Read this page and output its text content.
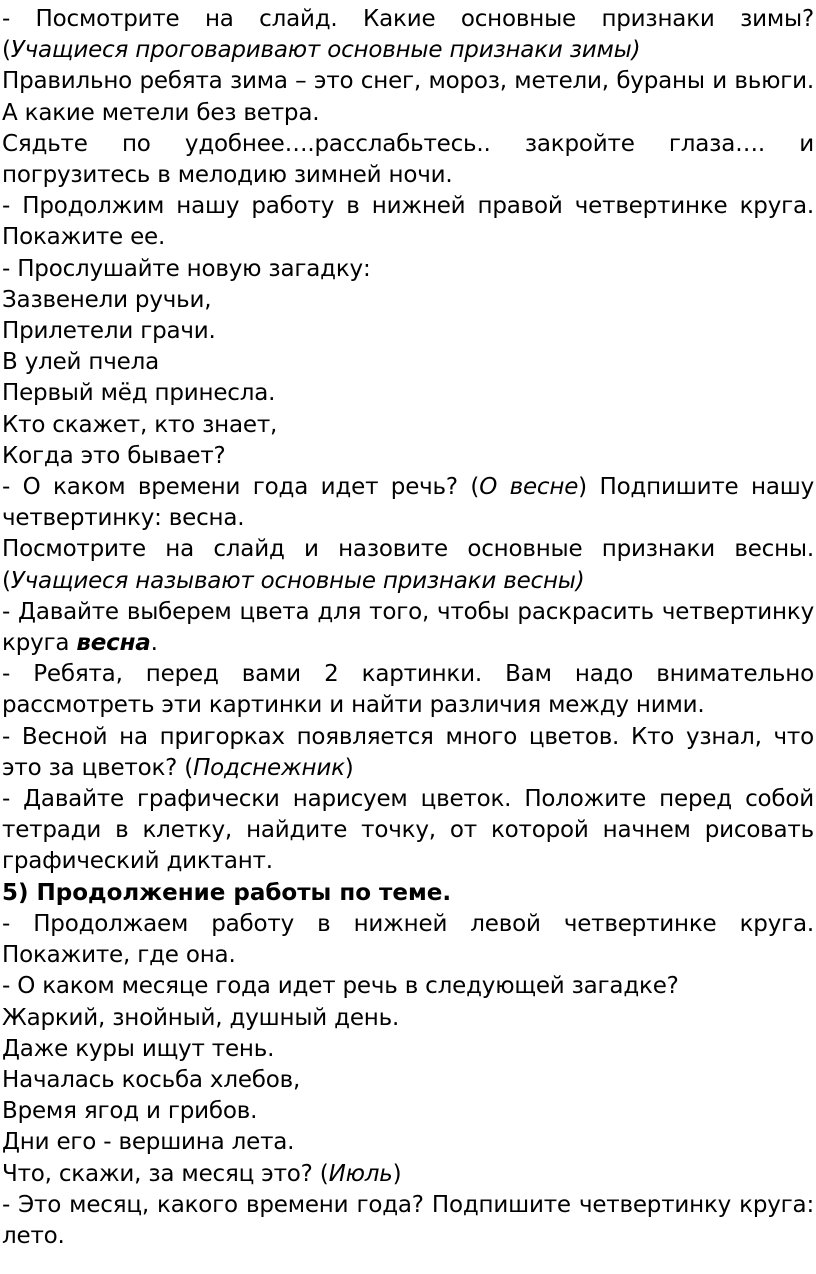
- Посмотрите на слайд. Какие основные признаки зимы? (Учащиеся проговаривают основные признаки зимы)

Правильно ребята зима – это снег, мороз, метели, бураны и вьюги. А какие метели без ветра.

Сядьте по удобнее….расслабьтесь.. закройте глаза…. и погрузитесь в мелодию зимней ночи.

- Продолжим нашу работу в нижней правой четвертинке круга. Покажите ее.

- Прослушайте новую загадку:

Зазвенели ручьи,

Прилетели грачи.

В улей пчела

Первый мёд принесла.

Кто скажет, кто знает,

Когда это бывает?

- О каком времени года идет речь? (О весне) Подпишите нашу четвертинку: весна.

Посмотрите на слайд и назовите основные признаки весны. (Учащиеся называют основные признаки весны)

- Давайте выберем цвета для того, чтобы раскрасить четвертинку круга весна.

- Ребята, перед вами 2 картинки. Вам надо внимательно рассмотреть эти картинки и найти различия между ними.

- Весной на пригорках появляется много цветов. Кто узнал, что это за цветок? (Подснежник)

- Давайте графически нарисуем цветок. Положите перед собой тетради в клетку, найдите точку, от которой начнем рисовать графический диктант.

5) Продолжение работы по теме.

- Продолжаем работу в нижней левой четвертинке круга. Покажите, где она.

- О каком месяце года идет речь в следующей загадке?

Жаркий, знойный, душный день.

Даже куры ищут тень.

Началась косьба хлебов,

Время ягод и грибов.

Дни его - вершина лета.

Что, скажи, за месяц это? (Июль)

- Это месяц, какого времени года? Подпишите четвертинку круга: лето.
